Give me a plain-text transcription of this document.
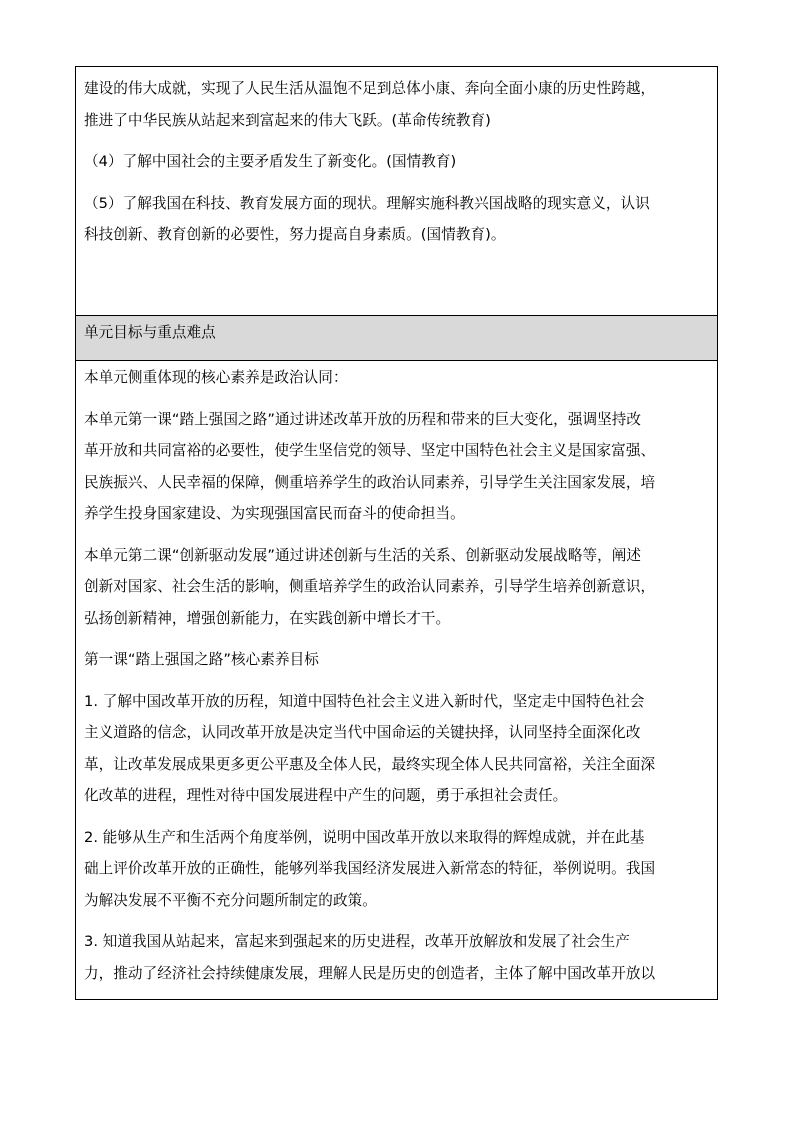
建设的伟大成就，实现了人民生活从温饱不足到总体小康、奔向全面小康的历史性跨越，
推进了中华民族从站起来到富起来的伟大飞跃。(革命传统教育)

（4）了解中国社会的主要矛盾发生了新变化。(国情教育)

（5）了解我国在科技、教育发展方面的现状。理解实施科教兴国战略的现实意义，认识
科技创新、教育创新的必要性，努力提高自身素质。(国情教育)。

单元目标与重点难点

本单元侧重体现的核心素养是政治认同：

本单元第一课“踏上强国之路”通过讲述改革开放的历程和带来的巨大变化，强调坚持改
革开放和共同富裕的必要性，使学生坚信党的领导、坚定中国特色社会主义是国家富强、
民族振兴、人民幸福的保障，侧重培养学生的政治认同素养，引导学生关注国家发展，培
养学生投身国家建设、为实现强国富民而奋斗的使命担当。

本单元第二课“创新驱动发展”通过讲述创新与生活的关系、创新驱动发展战略等，阐述
创新对国家、社会生活的影响，侧重培养学生的政治认同素养，引导学生培养创新意识，
弘扬创新精神，增强创新能力，在实践创新中增长才干。

第一课“踏上强国之路”核心素养目标

1. 了解中国改革开放的历程，知道中国特色社会主义进入新时代，坚定走中国特色社会
主义道路的信念，认同改革开放是决定当代中国命运的关键抉择，认同坚持全面深化改
革，让改革发展成果更多更公平惠及全体人民，最终实现全体人民共同富裕，关注全面深
化改革的进程，理性对待中国发展进程中产生的问题，勇于承担社会责任。

2. 能够从生产和生活两个角度举例，说明中国改革开放以来取得的辉煌成就，并在此基
础上评价改革开放的正确性，能够列举我国经济发展进入新常态的特征，举例说明。我国
为解决发展不平衡不充分问题所制定的政策。

3. 知道我国从站起来，富起来到强起来的历史进程，改革开放解放和发展了社会生产
力，推动了经济社会持续健康发展，理解人民是历史的创造者，主体了解中国改革开放以
